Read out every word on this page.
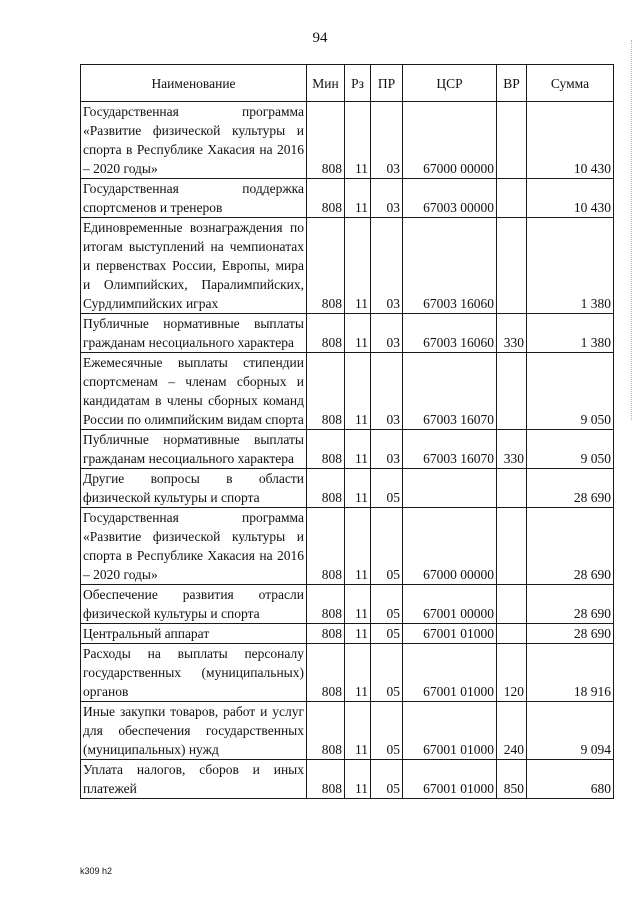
94
Наименование	Мин	Рз	ПР	ЦСР	ВР	Сумма
Государственная программа «Развитие физической культуры и спорта в Республике Хакасия на 2016 – 2020 годы»	808	11	03	67000 00000		10 430
Государственная поддержка спортсменов и тренеров	808	11	03	67003 00000		10 430
Единовременные вознаграждения по итогам выступлений на чемпионатах и первенствах России, Европы, мира и Олимпийских, Паралимпийских, Сурдлимпийских играх	808	11	03	67003 16060		1 380
Публичные нормативные выплаты гражданам несоциального характера	808	11	03	67003 16060	330	1 380
Ежемесячные выплаты стипендии спортсменам – членам сборных и кандидатам в члены сборных команд России по олимпийским видам спорта	808	11	03	67003 16070		9 050
Публичные нормативные выплаты гражданам несоциального характера	808	11	03	67003 16070	330	9 050
Другие вопросы в области физической культуры и спорта	808	11	05			28 690
Государственная программа «Развитие физической культуры и спорта в Республике Хакасия на 2016 – 2020 годы»	808	11	05	67000 00000		28 690
Обеспечение развития отрасли физической культуры и спорта	808	11	05	67001 00000		28 690
Центральный аппарат	808	11	05	67001 01000		28 690
Расходы на выплаты персоналу государственных (муниципальных) органов	808	11	05	67001 01000	120	18 916
Иные закупки товаров, работ и услуг для обеспечения государственных (муниципальных) нужд	808	11	05	67001 01000	240	9 094
Уплата налогов, сборов и иных платежей	808	11	05	67001 01000	850	680
k309 h2
